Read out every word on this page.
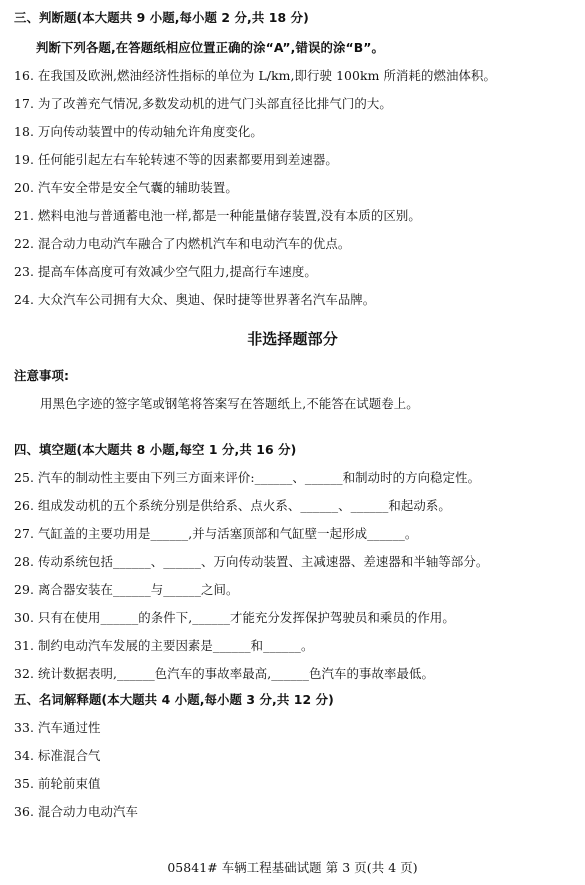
三、判断题(本大题共 9 小题,每小题 2 分,共 18 分)
判断下列各题,在答题纸相应位置正确的涂“A”,错误的涂“B”。
16. 在我国及欧洲,燃油经济性指标的单位为 L/km,即行驶 100km 所消耗的燃油体积。
17. 为了改善充气情况,多数发动机的进气门头部直径比排气门的大。
18. 万向传动装置中的传动轴允许角度变化。
19. 任何能引起左右车轮转速不等的因素都要用到差速器。
20. 汽车安全带是安全气囊的辅助装置。
21. 燃料电池与普通蓄电池一样,都是一种能量储存装置,没有本质的区别。
22. 混合动力电动汽车融合了内燃机汽车和电动汽车的优点。
23. 提高车体高度可有效减少空气阻力,提高行车速度。
24. 大众汽车公司拥有大众、奥迪、保时捷等世界著名汽车品牌。
非选择题部分
注意事项:
用黑色字迹的签字笔或钢笔将答案写在答题纸上,不能答在试题卷上。
四、填空题(本大题共 8 小题,每空 1 分,共 16 分)
25. 汽车的制动性主要由下列三方面来评价:______、______和制动时的方向稳定性。
26. 组成发动机的五个系统分别是供给系、点火系、______、______和起动系。
27. 气缸盖的主要功用是______,并与活塞顶部和气缸壁一起形成______。
28. 传动系统包括______、______、万向传动装置、主减速器、差速器和半轴等部分。
29. 离合器安装在______与______之间。
30. 只有在使用______的条件下,______才能充分发挥保护驾驶员和乘员的作用。
31. 制约电动汽车发展的主要因素是______和______。
32. 统计数据表明,______色汽车的事故率最高,______色汽车的事故率最低。
五、名词解释题(本大题共 4 小题,每小题 3 分,共 12 分)
33. 汽车通过性
34. 标准混合气
35. 前轮前束值
36. 混合动力电动汽车
05841# 车辆工程基础试题 第 3 页(共 4 页)
